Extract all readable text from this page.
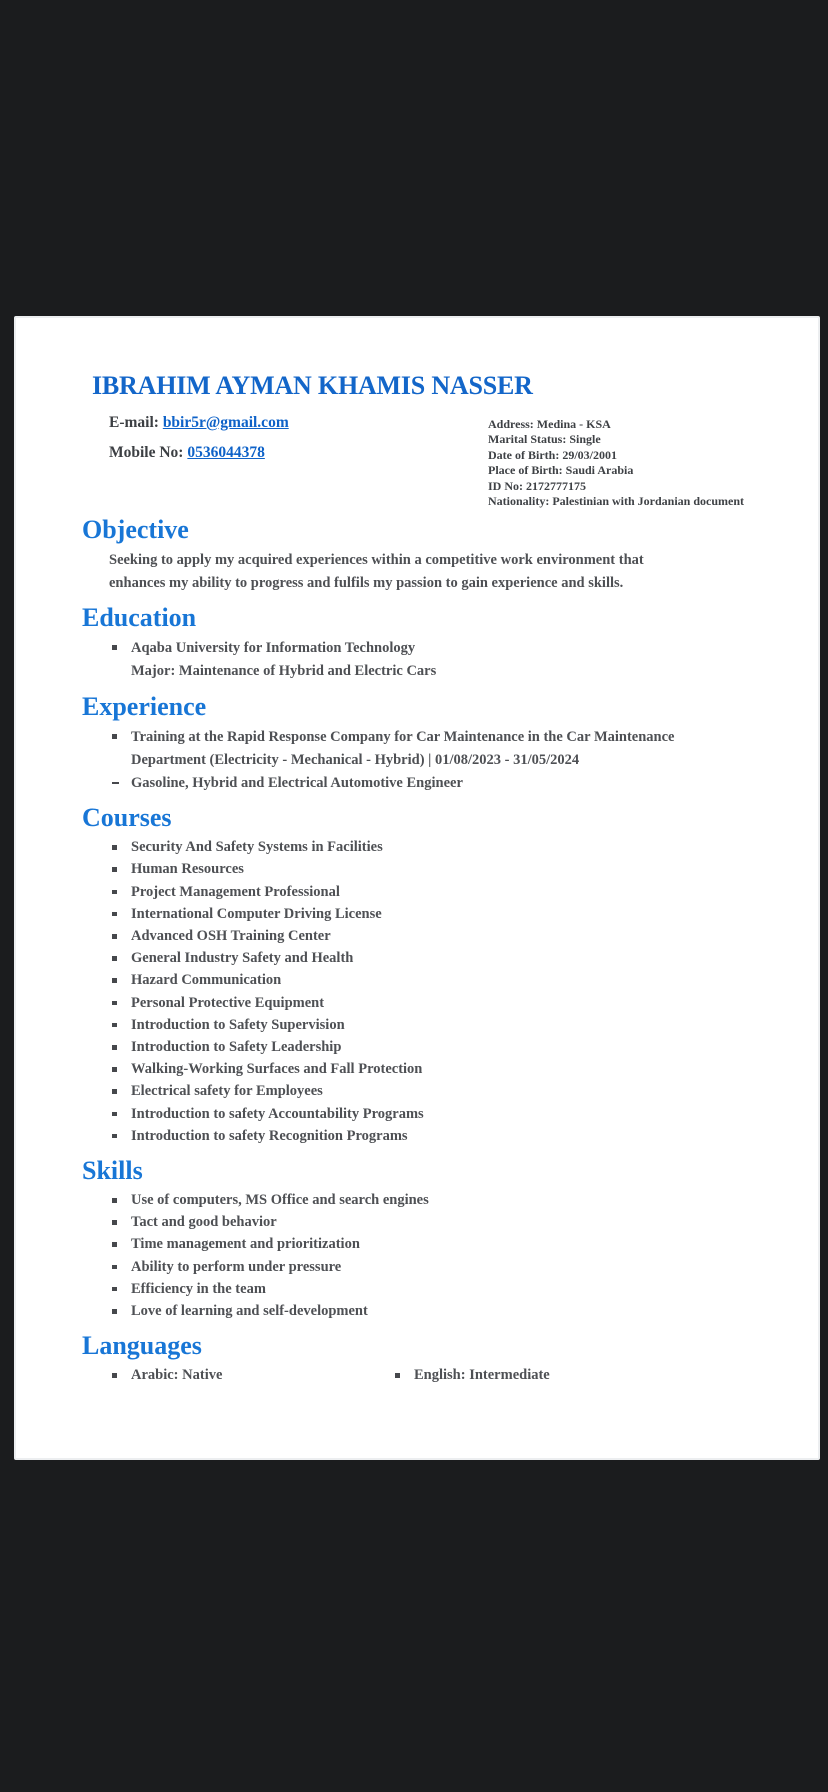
IBRAHIM AYMAN KHAMIS NASSER
E-mail: bbir5r@gmail.com
Mobile No: 0536044378
Address: Medina - KSA
Marital Status: Single
Date of Birth: 29/03/2001
Place of Birth: Saudi Arabia
ID No: 2172777175
Nationality: Palestinian with Jordanian document
Objective
Seeking to apply my acquired experiences within a competitive work environment that
enhances my ability to progress and fulfils my passion to gain experience and skills.
Education
Aqaba University for Information Technology
Major: Maintenance of Hybrid and Electric Cars
Experience
Training at the Rapid Response Company for Car Maintenance in the Car Maintenance
Department (Electricity - Mechanical - Hybrid) | 01/08/2023 - 31/05/2024
Gasoline, Hybrid and Electrical Automotive Engineer
Courses
Security And Safety Systems in Facilities
Human Resources
Project Management Professional
International Computer Driving License
Advanced OSH Training Center
General Industry Safety and Health
Hazard Communication
Personal Protective Equipment
Introduction to Safety Supervision
Introduction to Safety Leadership
Walking-Working Surfaces and Fall Protection
Electrical safety for Employees
Introduction to safety Accountability Programs
Introduction to safety Recognition Programs
Skills
Use of computers, MS Office and search engines
Tact and good behavior
Time management and prioritization
Ability to perform under pressure
Efficiency in the team
Love of learning and self-development
Languages
Arabic: Native	English: Intermediate
